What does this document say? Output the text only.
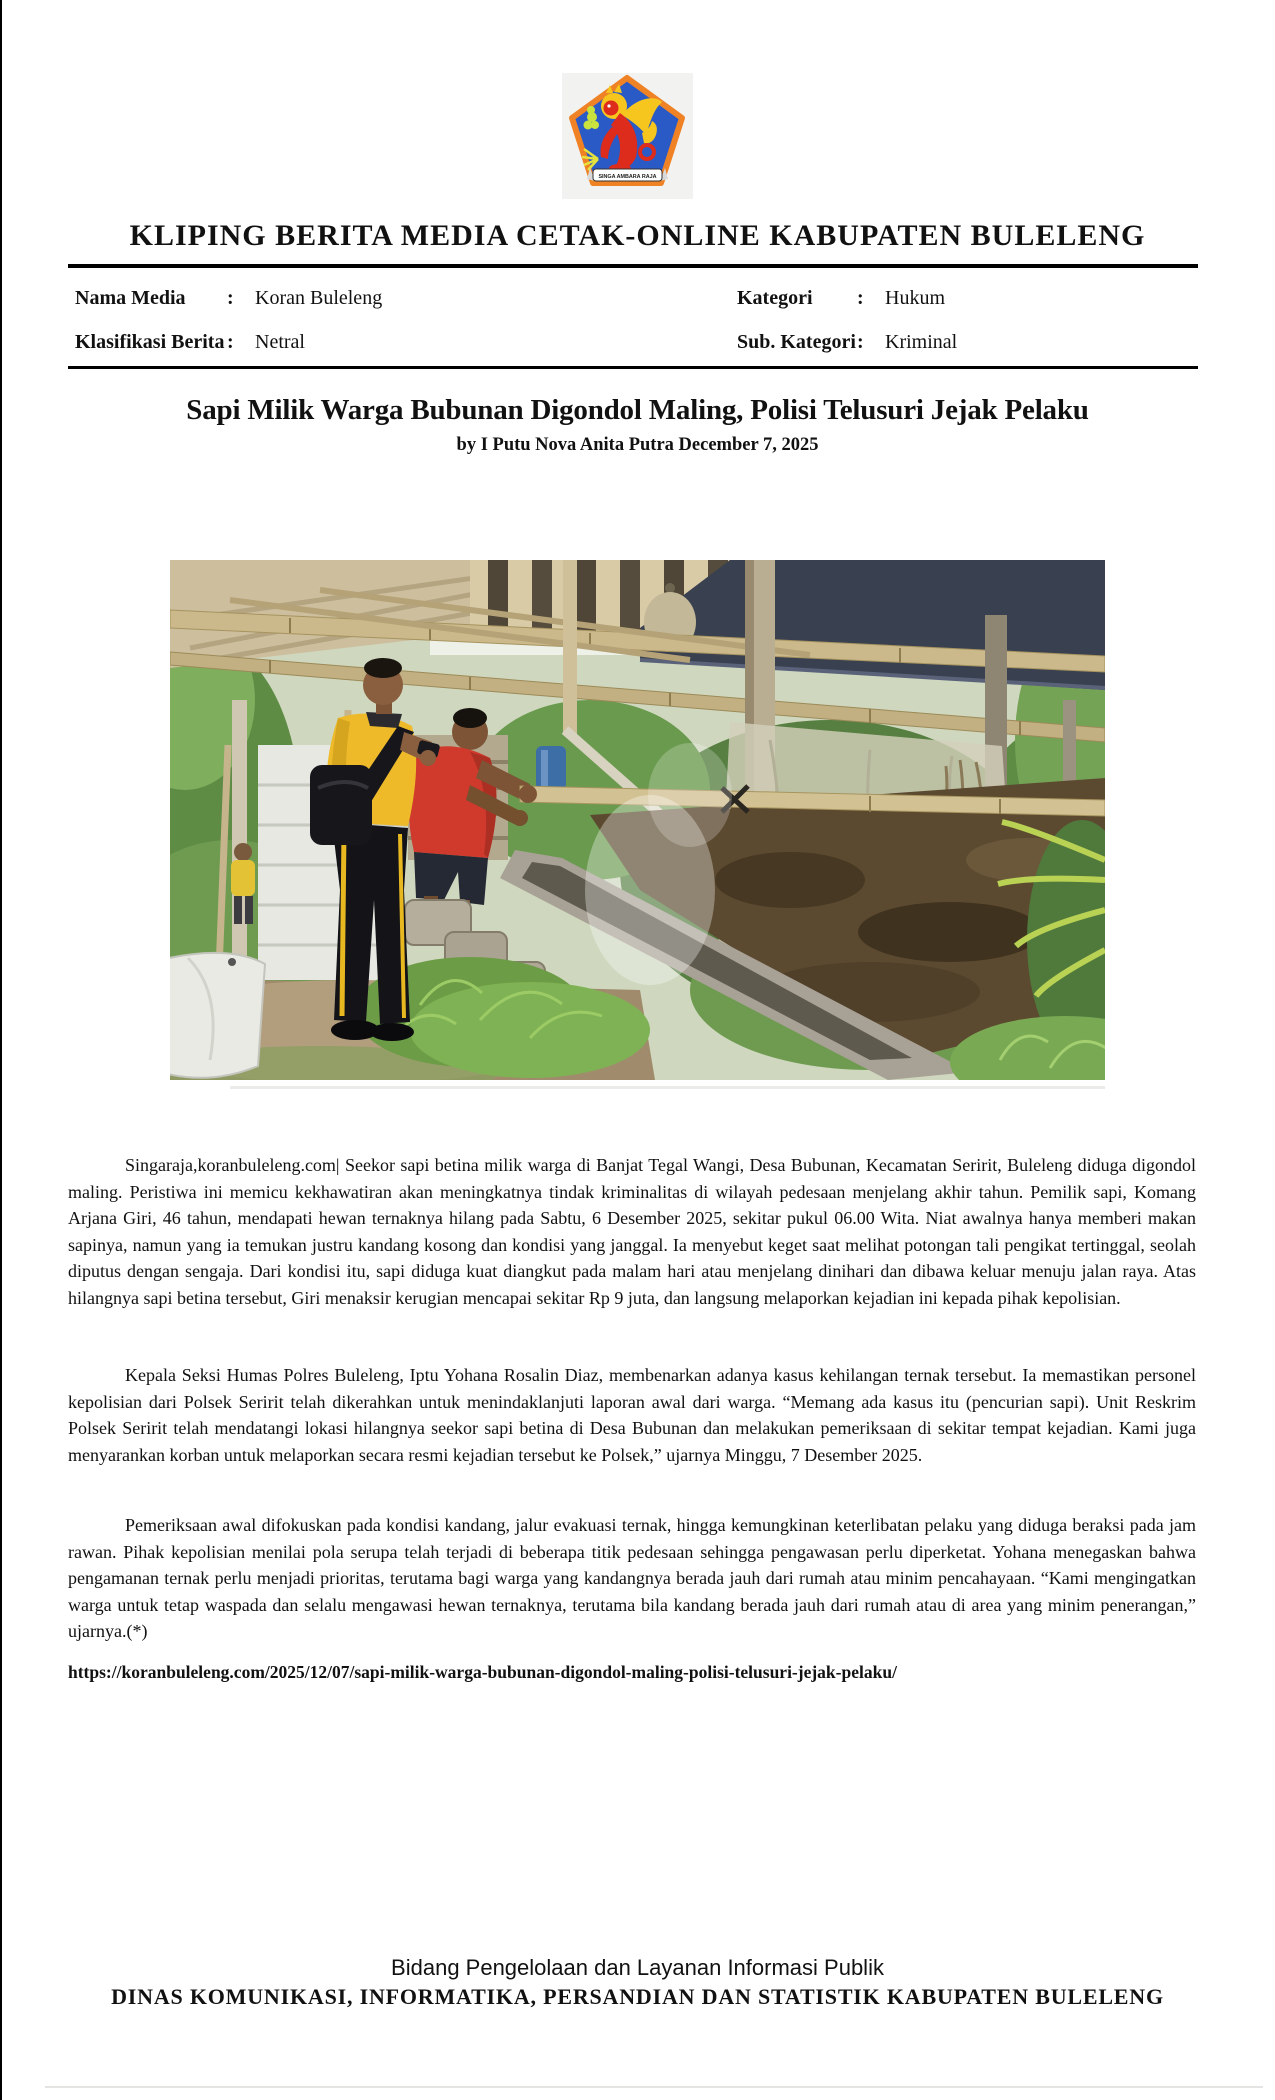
SINGA AMBARA RAJA
KLIPING BERITA MEDIA CETAK-ONLINE KABUPATEN BULELENG
Nama Media	:	Koran Buleleng	Kategori	:	Hukum
Klasifikasi Berita :	Netral	Sub. Kategori :	Kriminal
Sapi Milik Warga Bubunan Digondol Maling, Polisi Telusuri Jejak Pelaku
by I Putu Nova Anita Putra December 7, 2025

Singaraja,koranbuleleng.com| Seekor sapi betina milik warga di Banjat Tegal Wangi, Desa Bubunan, Kecamatan Seririt, Buleleng diduga digondol maling. Peristiwa ini memicu kekhawatiran akan meningkatnya tindak kriminalitas di wilayah pedesaan menjelang akhir tahun. Pemilik sapi, Komang Arjana Giri, 46 tahun, mendapati hewan ternaknya hilang pada Sabtu, 6 Desember 2025, sekitar pukul 06.00 Wita. Niat awalnya hanya memberi makan sapinya, namun yang ia temukan justru kandang kosong dan kondisi yang janggal. Ia menyebut keget saat melihat potongan tali pengikat tertinggal, seolah diputus dengan sengaja. Dari kondisi itu, sapi diduga kuat diangkut pada malam hari atau menjelang dinihari dan dibawa keluar menuju jalan raya. Atas hilangnya sapi betina tersebut, Giri menaksir kerugian mencapai sekitar Rp 9 juta, dan langsung melaporkan kejadian ini kepada pihak kepolisian.

Kepala Seksi Humas Polres Buleleng, Iptu Yohana Rosalin Diaz, membenarkan adanya kasus kehilangan ternak tersebut. Ia memastikan personel kepolisian dari Polsek Seririt telah dikerahkan untuk menindaklanjuti laporan awal dari warga. “Memang ada kasus itu (pencurian sapi). Unit Reskrim Polsek Seririt telah mendatangi lokasi hilangnya seekor sapi betina di Desa Bubunan dan melakukan pemeriksaan di sekitar tempat kejadian. Kami juga menyarankan korban untuk melaporkan secara resmi kejadian tersebut ke Polsek,” ujarnya Minggu, 7 Desember 2025.

Pemeriksaan awal difokuskan pada kondisi kandang, jalur evakuasi ternak, hingga kemungkinan keterlibatan pelaku yang diduga beraksi pada jam rawan. Pihak kepolisian menilai pola serupa telah terjadi di beberapa titik pedesaan sehingga pengawasan perlu diperketat. Yohana menegaskan bahwa pengamanan ternak perlu menjadi prioritas, terutama bagi warga yang kandangnya berada jauh dari rumah atau minim pencahayaan. “Kami mengingatkan warga untuk tetap waspada dan selalu mengawasi hewan ternaknya, terutama bila kandang berada jauh dari rumah atau di area yang minim penerangan,” ujarnya.(*)

https://koranbuleleng.com/2025/12/07/sapi-milik-warga-bubunan-digondol-maling-polisi-telusuri-jejak-pelaku/

Bidang Pengelolaan dan Layanan Informasi Publik

DINAS KOMUNIKASI, INFORMATIKA, PERSANDIAN DAN STATISTIK KABUPATEN BULELENG
